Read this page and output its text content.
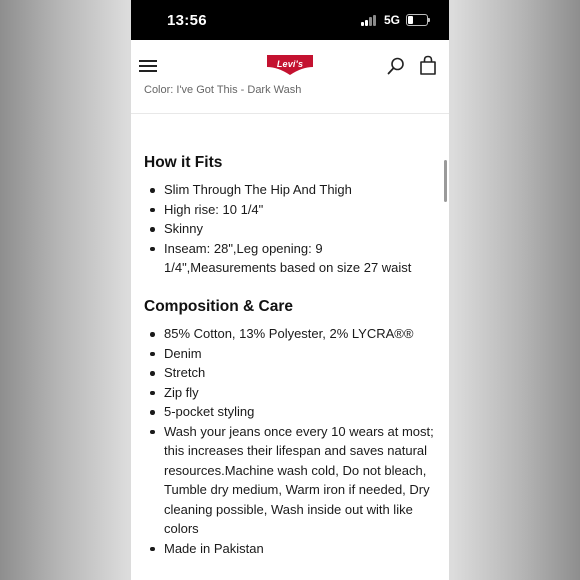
13:56	5G
Levi's
Color: I've Got This - Dark Wash
How it Fits
Slim Through The Hip And Thigh
High rise: 10 1/4"
Skinny
Inseam: 28",Leg opening: 9 1/4",Measurements based on size 27 waist
Composition & Care
85% Cotton, 13% Polyester, 2% LYCRA®®
Denim
Stretch
Zip fly
5-pocket styling
Wash your jeans once every 10 wears at most; this increases their lifespan and saves natural resources.Machine wash cold, Do not bleach, Tumble dry medium, Warm iron if needed, Dry cleaning possible, Wash inside out with like colors
Made in Pakistan
